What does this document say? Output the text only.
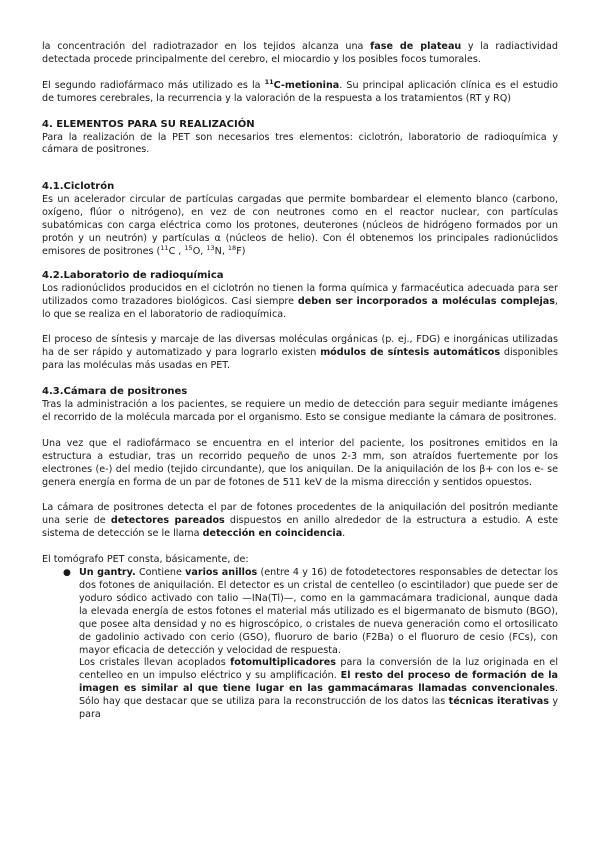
la concentración del radiotrazador en los tejidos alcanza una fase de plateau y la radiactividad detectada procede principalmente del cerebro, el miocardio y los posibles focos tumorales.

El segundo radiofármaco más utilizado es la $^{11}$C-metionina. Su principal aplicación clínica es el estudio de tumores cerebrales, la recurrencia y la valoración de la respuesta a los tratamientos (RT y RQ)

4. ELEMENTOS PARA SU REALIZACIÓN

Para la realización de la PET son necesarios tres elementos: ciclotrón, laboratorio de radioquímica y cámara de positrones.

4.1.Ciclotrón

Es un acelerador circular de partículas cargadas que permite bombardear el elemento blanco (carbono, oxígeno, flúor o nitrógeno), en vez de con neutrones como en el reactor nuclear, con partículas subatómicas con carga eléctrica como los protones, deuterones (núcleos de hidrógeno formados por un protón y un neutrón) y partículas α (núcleos de helio). Con él obtenemos los principales radionúclidos emisores de positrones ($^{11}$C , $^{15}$O, $^{13}$N, $^{18}$F)

4.2.Laboratorio de radioquímica

Los radionúclidos producidos en el ciclotrón no tienen la forma química y farmacéutica adecuada para ser utilizados como trazadores biológicos. Casi siempre deben ser incorporados a moléculas complejas, lo que se realiza en el laboratorio de radioquímica.

El proceso de síntesis y marcaje de las diversas moléculas orgánicas (p. ej., FDG) e inorgánicas utilizadas ha de ser rápido y automatizado y para lograrlo existen módulos de síntesis automáticos disponibles para las moléculas más usadas en PET.

4.3.Cámara de positrones

Tras la administración a los pacientes, se requiere un medio de detección para seguir mediante imágenes el recorrido de la molécula marcada por el organismo. Esto se consigue mediante la cámara de positrones.

Una vez que el radiofármaco se encuentra en el interior del paciente, los positrones emitidos en la estructura a estudiar, tras un recorrido pequeño de unos 2-3 mm, son atraídos fuertemente por los electrones (e-) del medio (tejido circundante), que los aniquilan. De la aniquilación de los β+ con los e- se genera energía en forma de un par de fotones de 511 keV de la misma dirección y sentidos opuestos.

La cámara de positrones detecta el par de fotones procedentes de la aniquilación del positrón mediante una serie de detectores pareados dispuestos en anillo alrededor de la estructura a estudio. A este sistema de detección se le llama detección en coincidencia.

El tomógrafo PET consta, básicamente, de:

● Un gantry. Contiene varios anillos (entre 4 y 16) de fotodetectores responsables de detectar los dos fotones de aniquilación. El detector es un cristal de centelleo (o escintilador) que puede ser de yoduro sódico activado con talio —INa(Tl)—, como en la gammacámara tradicional, aunque dada la elevada energía de estos fotones el material más utilizado es el bigermanato de bismuto (BGO), que posee alta densidad y no es higroscópico, o cristales de nueva generación como el ortosilicato de gadolinio activado con cerio (GSO), fluoruro de bario (F2Ba) o el fluoruro de cesio (FCs), con mayor eficacia de detección y velocidad de respuesta.

Los cristales llevan acoplados fotomultiplicadores para la conversión de la luz originada en el centelleo en un impulso eléctrico y su amplificación. El resto del proceso de formación de la imagen es similar al que tiene lugar en las gammacámaras llamadas convencionales. Sólo hay que destacar que se utiliza para la reconstrucción de los datos las técnicas iterativas y para
